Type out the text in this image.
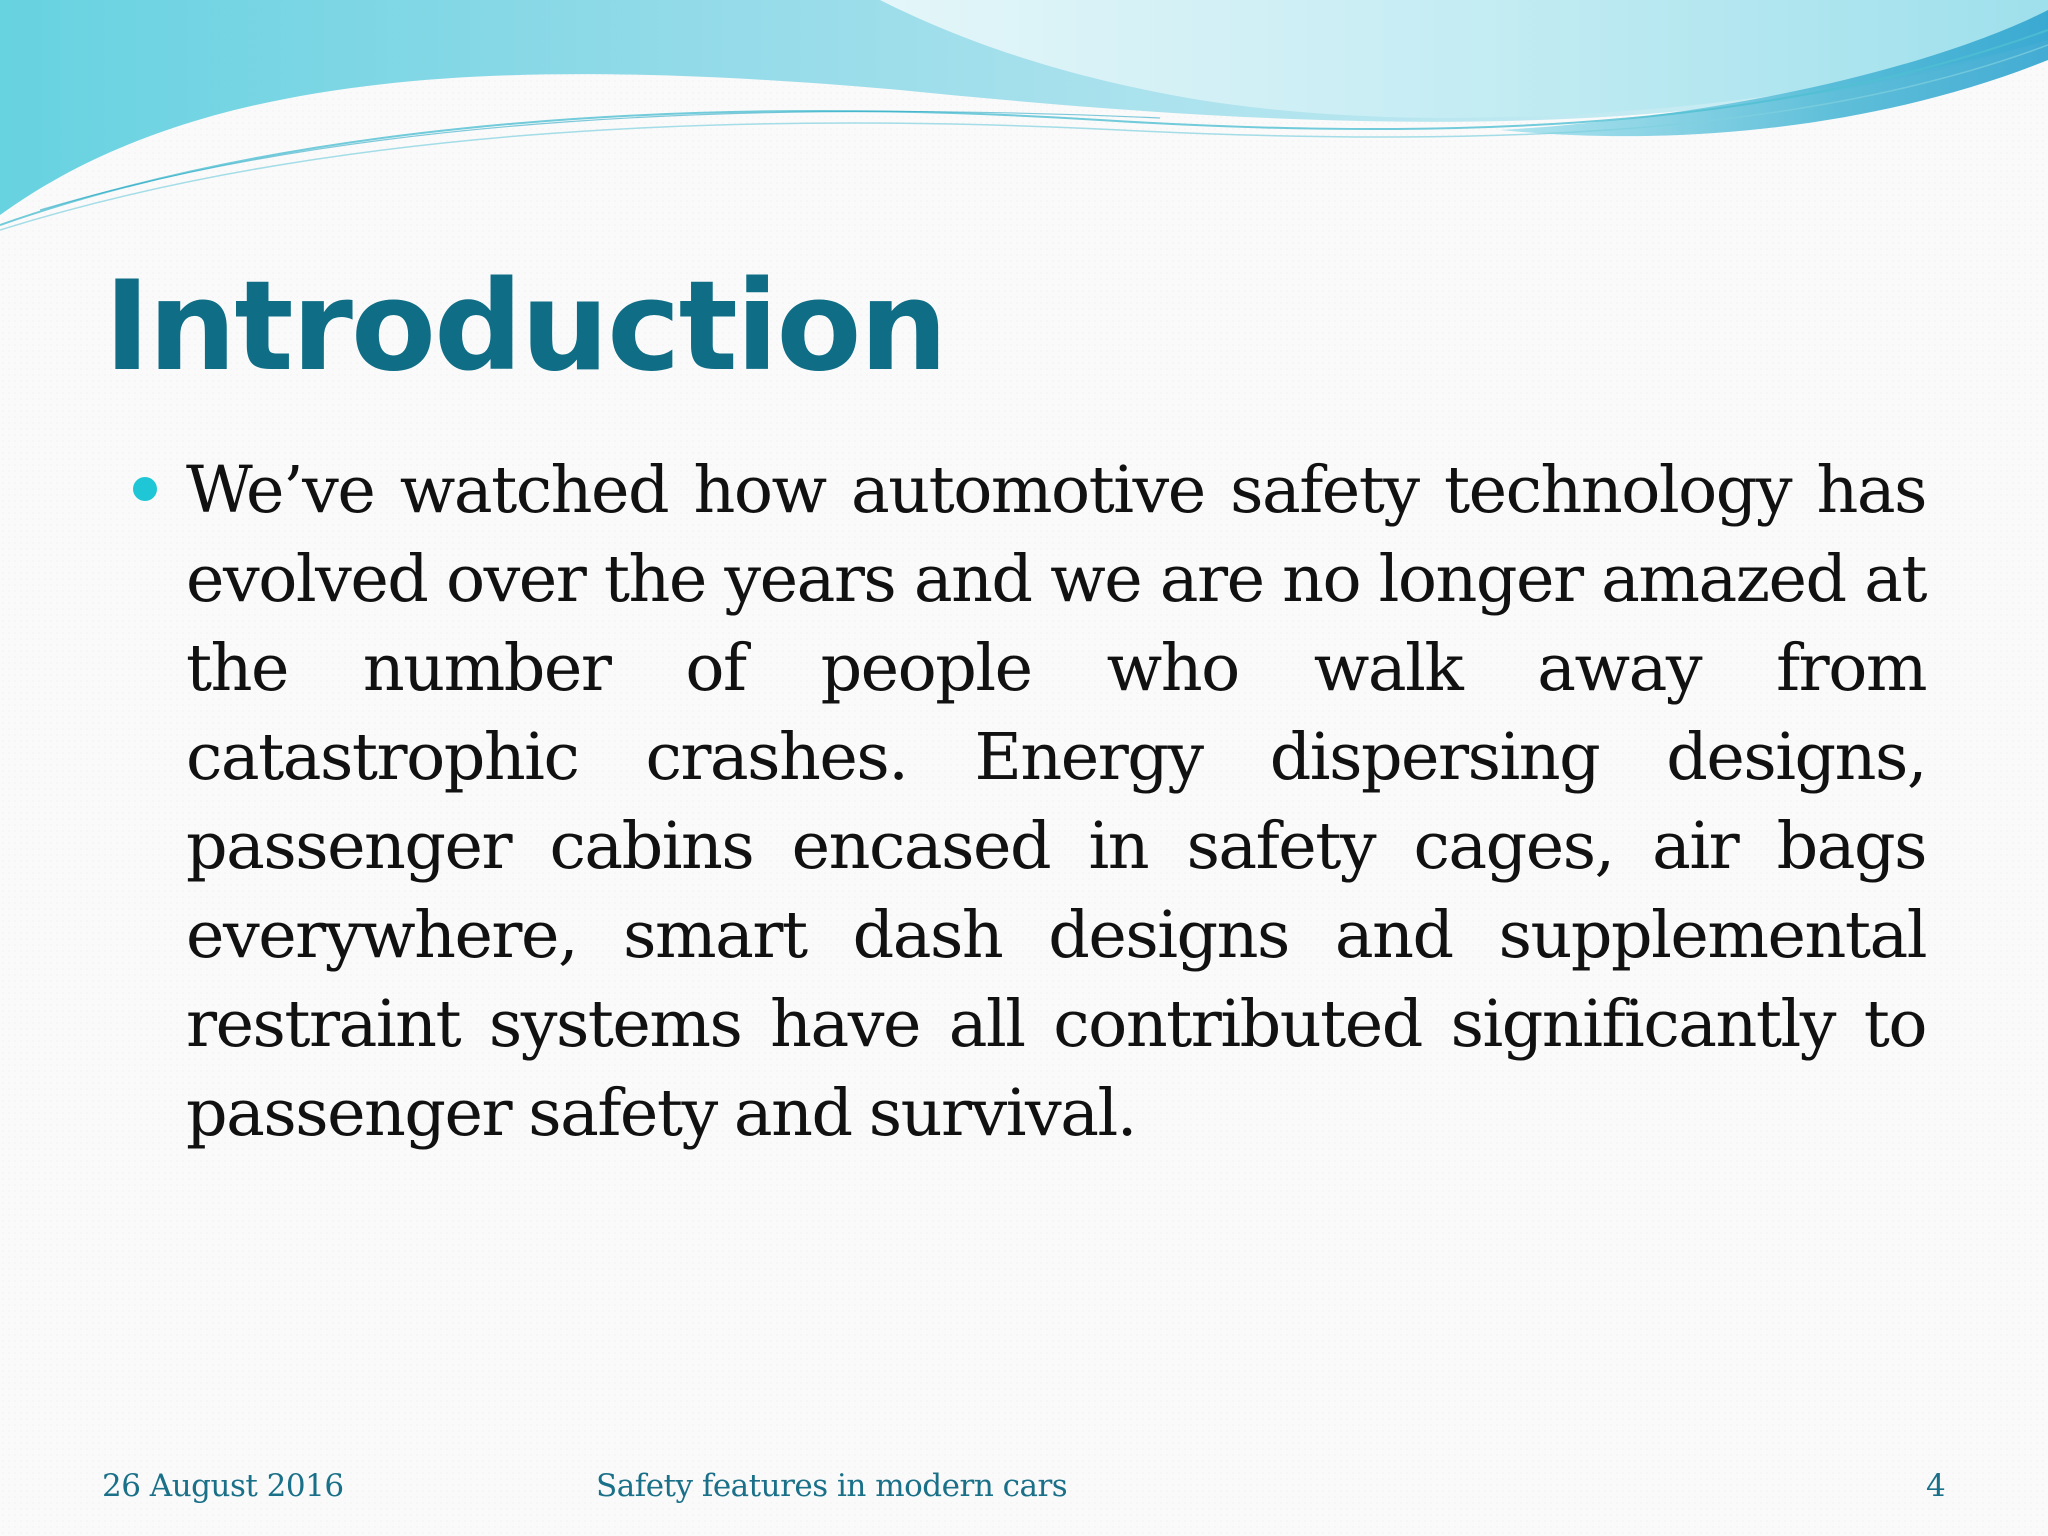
Introduction

We’ve watched how automotive safety technology has evolved over the years and we are no longer amazed at the number of people who walk away from catastrophic crashes. Energy dispersing designs, passenger cabins encased in safety cages, air bags everywhere, smart dash designs and supplemental restraint systems have all contributed significantly to passenger safety and survival.

26 August 2016	Safety features in modern cars	4
